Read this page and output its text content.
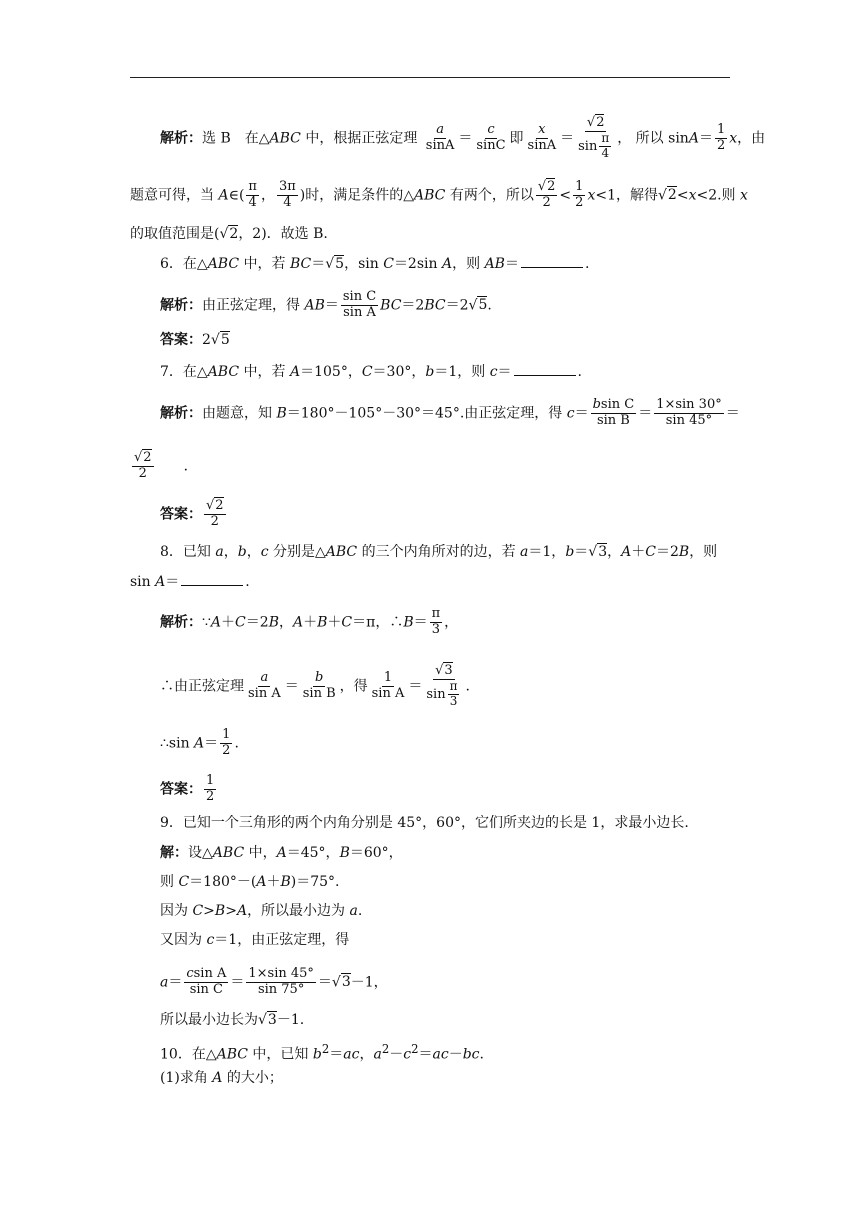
解析：选 B　在△ABC 中，根据正弦定理 $\frac{a}{\sin A} = \frac{c}{\sin C}$ 即 $\frac{x}{\sin A} = \frac{√2}{\sin \frac{\pi}{4}}$ ， 所以 $\sin A= \frac{1}{2}$ x，由
题意可得，当 A∈( $\frac{\pi}{4}$ ， $\frac{3\pi}{4}$ )时，满足条件的△ABC 有两个，所以 $\frac{√2}{2} < \frac{1}{2} x<1$，解得√2<x<2.则 x
的取值范围是(√2，2)．故选 B.
6．在△ABC 中，若 BC＝√5，sin C＝2sin A，则 AB＝	.
解析：由正弦定理，得 $AB= \frac{\text{sin C}}{\text{sin A}} BC=2BC=2√5$.
答案：2√5
7．在△ABC 中，若 A＝105°，C＝30°，b＝1，则 c＝	.
解析：由题意，知 B＝180°－105°－30°＝45°.由正弦定理，得 $c= \frac{\text{bsin C}}{\text{sin B}} = \frac{1\times\sin 30^\circ}{\sin 45^\circ}$ ＝
$\frac{√2}{2}$
　　 ．
答案： $\frac{√2}{2}$
8．已知 a，b，c 分别是△ABC 的三个内角所对的边，若 a＝1，b＝√3，A＋C＝2B，则
sin A＝	.
解析：∵A＋C＝2B，A＋B＋C＝π，∴B＝ $\frac{\pi}{3}$ ，
∴由正弦定理 $\frac{a}{\text{sin A}} = \frac{b}{\text{sin B}}$ ，得 $\frac{1}{\text{sin A}} = \frac{√3}{\sin \frac{\pi}{3}}$ .
∴sin $A= \frac{1}{2}$ .
答案： $\frac{1}{2}$
9．已知一个三角形的两个内角分别是 45°，60°，它们所夹边的长是 1，求最小边长.
解：设△ABC 中，A＝45°，B＝60°，
则 C＝180°－(A＋B)＝75°.
因为 C>B>A，所以最小边为 a.
又因为 c＝1，由正弦定理，得
$a= \frac{\text{csin A}}{\text{sin C}} = \frac{1\times\sin 45^\circ}{\sin 75^\circ} =√3-1$，
所以最小边长为√3－1.
10．在△ABC 中，已知 $b^2=ac$，$a^2-c^2=ac-bc$.
(1)求角 A 的大小；
